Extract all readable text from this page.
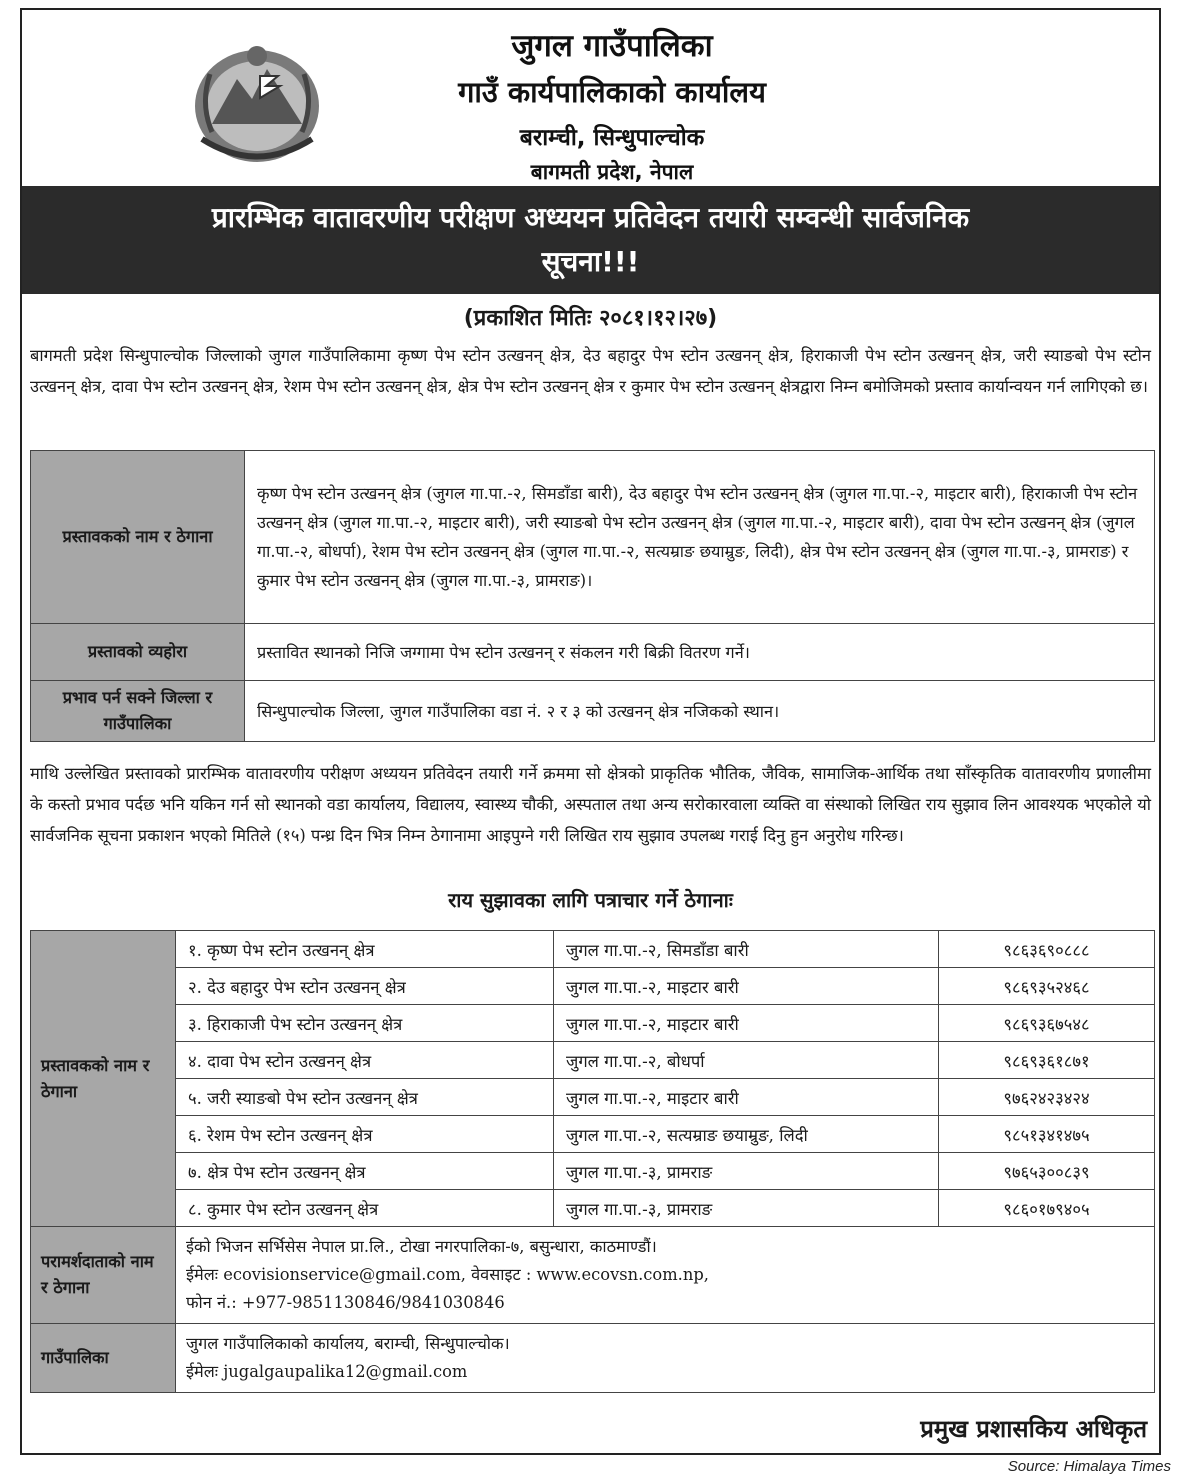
जुगल गाउँपालिका
गाउँ कार्यपालिकाको कार्यालय
बराम्ची, सिन्धुपाल्चोक
बागमती प्रदेश, नेपाल
प्रारम्भिक वातावरणीय परीक्षण अध्ययन प्रतिवेदन तयारी सम्वन्धी सार्वजनिक
सूचना!!!
(प्रकाशित मितिः २०८१।१२।२७)
बागमती प्रदेश सिन्धुपाल्चोक जिल्लाको जुगल गाउँपालिकामा कृष्ण पेभ स्टोन उत्खनन् क्षेत्र, देउ बहादुर पेभ स्टोन उत्खनन् क्षेत्र, हिराकाजी पेभ स्टोन उत्खनन् क्षेत्र, जरी स्याङबो पेभ स्टोन उत्खनन् क्षेत्र, दावा पेभ स्टोन उत्खनन् क्षेत्र, रेशम पेभ स्टोन उत्खनन् क्षेत्र, क्षेत्र पेभ स्टोन उत्खनन् क्षेत्र र कुमार पेभ स्टोन उत्खनन् क्षेत्रद्वारा निम्न बमोजिमको प्रस्ताव कार्यान्वयन गर्न लागिएको छ।
प्रस्तावकको नाम र ठेगाना	कृष्ण पेभ स्टोन उत्खनन् क्षेत्र (जुगल गा.पा.-२, सिमडाँडा बारी), देउ बहादुर पेभ स्टोन उत्खनन् क्षेत्र (जुगल गा.पा.-२, माइटार बारी), हिराकाजी पेभ स्टोन उत्खनन् क्षेत्र (जुगल गा.पा.-२, माइटार बारी), जरी स्याङबो पेभ स्टोन उत्खनन् क्षेत्र (जुगल गा.पा.-२, माइटार बारी), दावा पेभ स्टोन उत्खनन् क्षेत्र (जुगल गा.पा.-२, बोधर्पा), रेशम पेभ स्टोन उत्खनन् क्षेत्र (जुगल गा.पा.-२, सत्यम्राङ छयाम्रुङ, लिदी), क्षेत्र पेभ स्टोन उत्खनन् क्षेत्र (जुगल गा.पा.-३, प्रामराङ) र कुमार पेभ स्टोन उत्खनन् क्षेत्र (जुगल गा.पा.-३, प्रामराङ)।
प्रस्तावको व्यहोरा	प्रस्तावित स्थानको निजि जग्गामा पेभ स्टोन उत्खनन् र संकलन गरी बिक्री वितरण गर्ने।
प्रभाव पर्न सक्ने जिल्ला र गाउँपालिका	सिन्धुपाल्चोक जिल्ला, जुगल गाउँपालिका वडा नं. २ र ३ को उत्खनन् क्षेत्र नजिकको स्थान।
माथि उल्लेखित प्रस्तावको प्रारम्भिक वातावरणीय परीक्षण अध्ययन प्रतिवेदन तयारी गर्ने क्रममा सो क्षेत्रको प्राकृतिक भौतिक, जैविक, सामाजिक-आर्थिक तथा साँस्कृतिक वातावरणीय प्रणालीमा के कस्तो प्रभाव पर्दछ भनि यकिन गर्न सो स्थानको वडा कार्यालय, विद्यालय, स्वास्थ्य चौकी, अस्पताल तथा अन्य सरोकारवाला व्यक्ति वा संस्थाको लिखित राय सुझाव लिन आवश्यक भएकोले यो सार्वजनिक सूचना प्रकाशन भएको मितिले (१५) पन्ध्र दिन भित्र निम्न ठेगानामा आइपुग्ने गरी लिखित राय सुझाव उपलब्ध गराई दिनु हुन अनुरोध गरिन्छ।
राय सुझावका लागि पत्राचार गर्ने ठेगानाः
प्रस्तावकको नाम र ठेगाना	१. कृष्ण पेभ स्टोन उत्खनन् क्षेत्र	जुगल गा.पा.-२, सिमडाँडा बारी	९८६३६९०८८८
	२. देउ बहादुर पेभ स्टोन उत्खनन् क्षेत्र	जुगल गा.पा.-२, माइटार बारी	९८६९३५२४६८
	३. हिराकाजी पेभ स्टोन उत्खनन् क्षेत्र	जुगल गा.पा.-२, माइटार बारी	९८६९३६७५४८
	४. दावा पेभ स्टोन उत्खनन् क्षेत्र	जुगल गा.पा.-२, बोधर्पा	९८६९३६१८७१
	५. जरी स्याङबो पेभ स्टोन उत्खनन् क्षेत्र	जुगल गा.पा.-२, माइटार बारी	९७६२४२३४२४
	६. रेशम पेभ स्टोन उत्खनन् क्षेत्र	जुगल गा.पा.-२, सत्यम्राङ छयाम्रुङ, लिदी	९८५१३४१४७५
	७. क्षेत्र पेभ स्टोन उत्खनन् क्षेत्र	जुगल गा.पा.-३, प्रामराङ	९७६५३००८३९
	८. कुमार पेभ स्टोन उत्खनन् क्षेत्र	जुगल गा.पा.-३, प्रामराङ	९८६०१७९४०५
परामर्शदाताको नाम र ठेगाना	ईको भिजन सर्भिसेस नेपाल प्रा.लि., टोखा नगरपालिका-७, बसुन्धारा, काठमाण्डौं।
ईमेलः ecovisionservice@gmail.com, वेवसाइट : www.ecovsn.com.np,
फोन नं.: +977-9851130846/9841030846		

गाउँपालिका	जुगल गाउँपालिकाको कार्यालय, बराम्ची, सिन्धुपाल्चोक।
ईमेलः jugalgaupalika12@gmail.com		
प्रमुख प्रशासकिय अधिकृत
Source: Himalaya Times
